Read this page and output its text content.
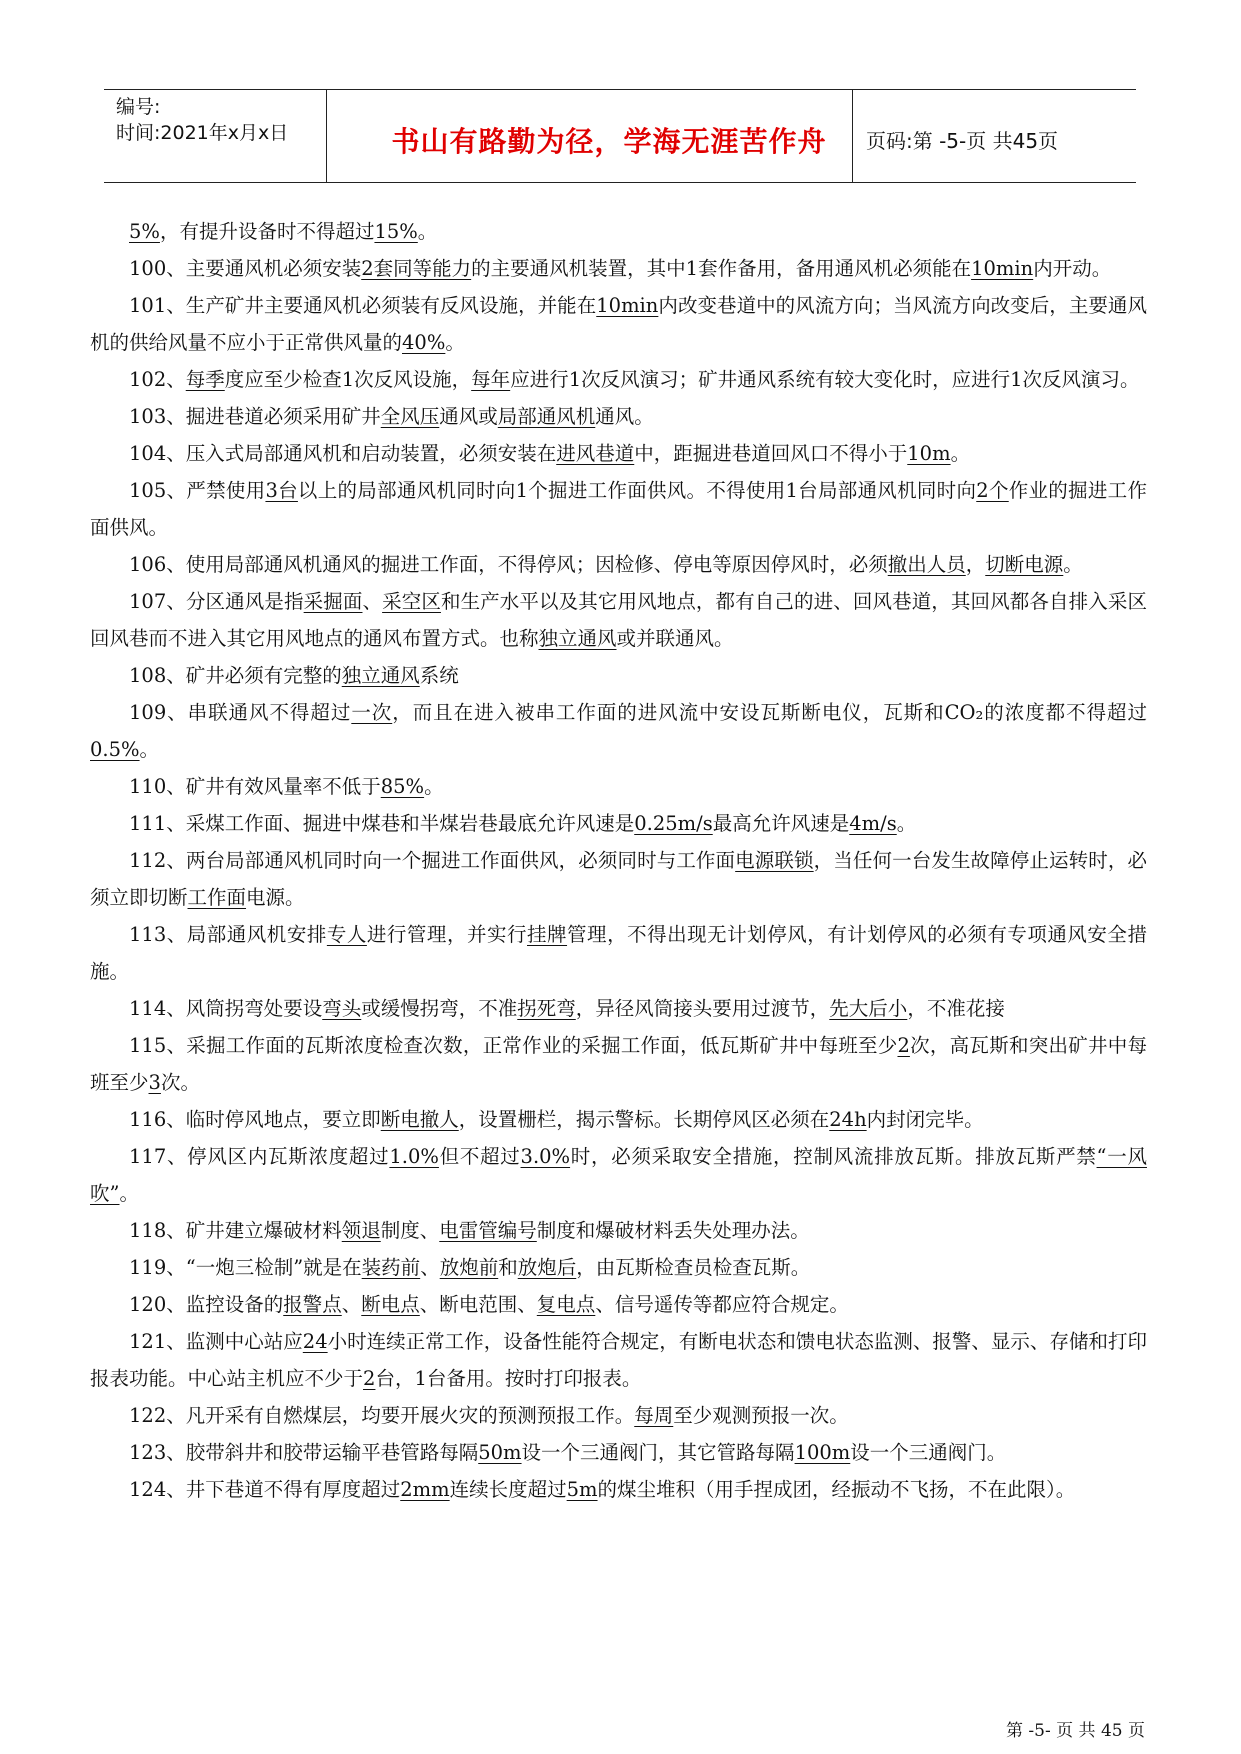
编号:
时间:2021年x月x日	书山有路勤为径，学海无涯苦作舟	页码:第 -5-页 共45页

5%，有提升设备时不得超过15%。

100、主要通风机必须安装2套同等能力的主要通风机装置，其中1套作备用，备用通风机必须能在10min内开动。

101、生产矿井主要通风机必须装有反风设施，并能在10min内改变巷道中的风流方向；当风流方向改变后，主要通风机的供给风量不应小于正常供风量的40%。

102、每季度应至少检查1次反风设施，每年应进行1次反风演习；矿井通风系统有较大变化时，应进行1次反风演习。

103、掘进巷道必须采用矿井全风压通风或局部通风机通风。

104、压入式局部通风机和启动装置，必须安装在进风巷道中，距掘进巷道回风口不得小于10m。

105、严禁使用3台以上的局部通风机同时向1个掘进工作面供风。不得使用1台局部通风机同时向2个作业的掘进工作面供风。

106、使用局部通风机通风的掘进工作面，不得停风；因检修、停电等原因停风时，必须撤出人员，切断电源。

107、分区通风是指采掘面、采空区和生产水平以及其它用风地点，都有自己的进、回风巷道，其回风都各自排入采区回风巷而不进入其它用风地点的通风布置方式。也称独立通风或并联通风。

108、矿井必须有完整的独立通风系统

109、串联通风不得超过一次，而且在进入被串工作面的进风流中安设瓦斯断电仪，瓦斯和CO₂的浓度都不得超过0.5%。

110、矿井有效风量率不低于85%。

111、采煤工作面、掘进中煤巷和半煤岩巷最底允许风速是0.25m/s最高允许风速是4m/s。

112、两台局部通风机同时向一个掘进工作面供风，必须同时与工作面电源联锁，当任何一台发生故障停止运转时，必须立即切断工作面电源。

113、局部通风机安排专人进行管理，并实行挂牌管理，不得出现无计划停风，有计划停风的必须有专项通风安全措施。

114、风筒拐弯处要设弯头或缓慢拐弯，不准拐死弯，异径风筒接头要用过渡节，先大后小，不准花接

115、采掘工作面的瓦斯浓度检查次数，正常作业的采掘工作面，低瓦斯矿井中每班至少2次，高瓦斯和突出矿井中每班至少3次。

116、临时停风地点，要立即断电撤人，设置栅栏，揭示警标。长期停风区必须在24h内封闭完毕。

117、停风区内瓦斯浓度超过1.0%但不超过3.0%时，必须采取安全措施，控制风流排放瓦斯。排放瓦斯严禁“一风吹”。

118、矿井建立爆破材料领退制度、电雷管编号制度和爆破材料丢失处理办法。

119、“一炮三检制”就是在装药前、放炮前和放炮后，由瓦斯检查员检查瓦斯。

120、监控设备的报警点、断电点、断电范围、复电点、信号遥传等都应符合规定。

121、监测中心站应24小时连续正常工作，设备性能符合规定，有断电状态和馈电状态监测、报警、显示、存储和打印报表功能。中心站主机应不少于2台，1台备用。按时打印报表。

122、凡开采有自燃煤层，均要开展火灾的预测预报工作。每周至少观测预报一次。

123、胶带斜井和胶带运输平巷管路每隔50m设一个三通阀门，其它管路每隔100m设一个三通阀门。

124、井下巷道不得有厚度超过2mm连续长度超过5m的煤尘堆积（用手捏成团，经振动不飞扬，不在此限）。

第 -5- 页 共 45 页
